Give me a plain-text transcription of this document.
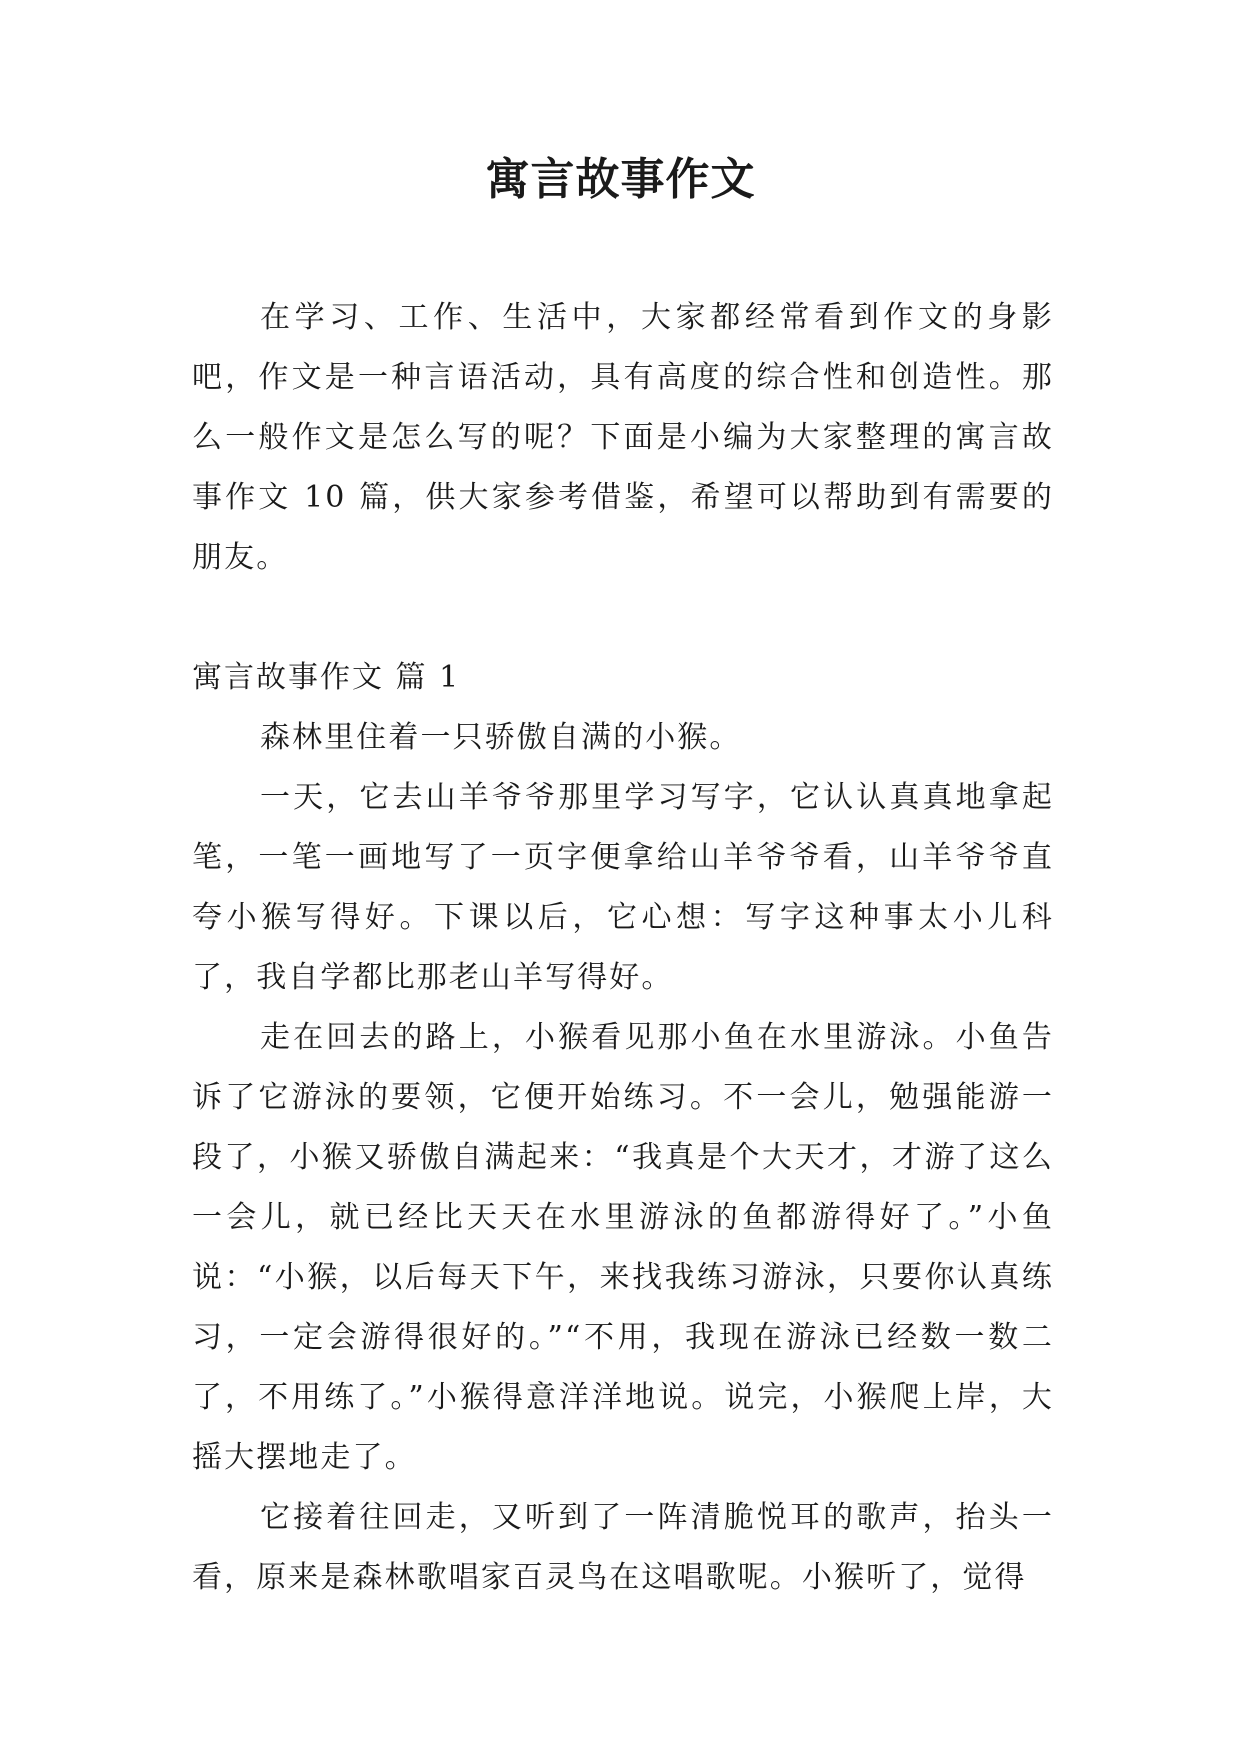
寓言故事作文

在学习、工作、生活中，大家都经常看到作文的身影吧，作文是一种言语活动，具有高度的综合性和创造性。那么一般作文是怎么写的呢？下面是小编为大家整理的寓言故事作文 10 篇，供大家参考借鉴，希望可以帮助到有需要的朋友。

寓言故事作文 篇 1

森林里住着一只骄傲自满的小猴。

一天，它去山羊爷爷那里学习写字，它认认真真地拿起笔，一笔一画地写了一页字便拿给山羊爷爷看，山羊爷爷直夸小猴写得好。下课以后，它心想：写字这种事太小儿科了，我自学都比那老山羊写得好。

走在回去的路上，小猴看见那小鱼在水里游泳。小鱼告诉了它游泳的要领，它便开始练习。不一会儿，勉强能游一段了，小猴又骄傲自满起来：“我真是个大天才，才游了这么一会儿，就已经比天天在水里游泳的鱼都游得好了。”小鱼说：“小猴，以后每天下午，来找我练习游泳，只要你认真练习，一定会游得很好的。”“不用，我现在游泳已经数一数二了，不用练了。”小猴得意洋洋地说。说完，小猴爬上岸，大摇大摆地走了。

它接着往回走，又听到了一阵清脆悦耳的歌声，抬头一看，原来是森林歌唱家百灵鸟在这唱歌呢。小猴听了，觉得
